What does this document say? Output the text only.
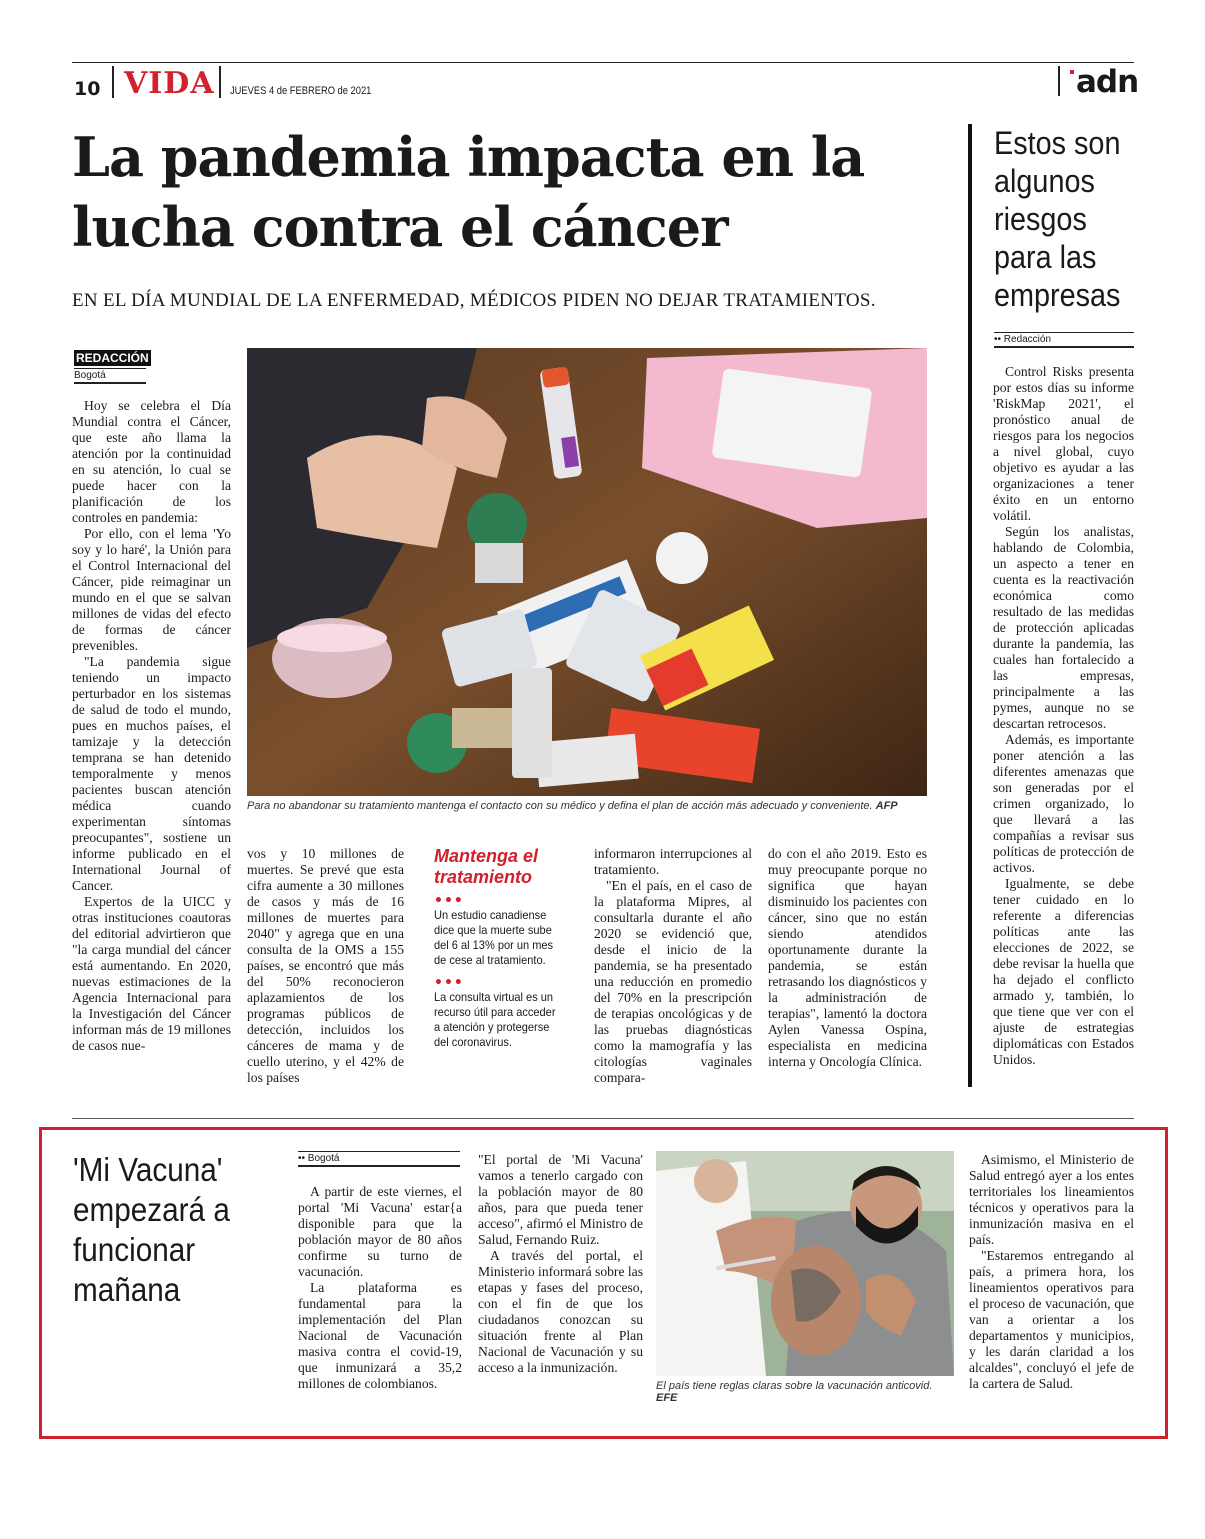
10 VIDA JUEVES 4 de FEBRERO de 2021	adn
La pandemia impacta en la lucha contra el cáncer
EN EL DÍA MUNDIAL DE LA ENFERMEDAD, MÉDICOS PIDEN NO DEJAR TRATAMIENTOS.
REDACCIÓN
Bogotá

Hoy se celebra el Día Mundial contra el Cáncer, que este año llama la atención por la continuidad en su atención, lo cual se puede hacer con la planificación de los controles en pandemia:

Por ello, con el lema 'Yo soy y lo haré', la Unión para el Control Internacional del Cáncer, pide reimaginar un mundo en el que se salvan millones de vidas del efecto de formas de cáncer prevenibles.

"La pandemia sigue teniendo un impacto perturbador en los sistemas de salud de todo el mundo, pues en muchos países, el tamizaje y la detección temprana se han detenido temporalmente y menos pacientes buscan atención médica cuando experimentan síntomas preocupantes", sostiene un informe publicado en el International Journal of Cancer.

Expertos de la UICC y otras instituciones coautoras del editorial advirtieron que "la carga mundial del cáncer está aumentando. En 2020, nuevas estimaciones de la Agencia Internacional para la Investigación del Cáncer informan más de 19 millones de casos nue-

Para no abandonar su tratamiento mantenga el contacto con su médico y defina el plan de acción más adecuado y conveniente. AFP

vos y 10 millones de muertes. Se prevé que esta cifra aumente a 30 millones de casos y más de 16 millones de muertes para 2040" y agrega que en una consulta de la OMS a 155 países, se encontró que más del 50% reconocieron aplazamientos de los programas públicos de detección, incluidos los cánceres de mama y de cuello uterino, y el 42% de los países

Mantenga el tratamiento
•••
Un estudio canadiense dice que la muerte sube del 6 al 13% por un mes de cese al tratamiento.
•••
La consulta virtual es un recurso útil para acceder a atención y protegerse del coronavirus.

informaron interrupciones al tratamiento.

"En el país, en el caso de la plataforma Mipres, al consultarla durante el año 2020 se evidenció que, desde el inicio de la pandemia, se ha presentado una reducción en promedio del 70% en la prescripción de terapias oncológicas y de las pruebas diagnósticas como la mamografía y las citologías vaginales compara-

do con el año 2019. Esto es muy preocupante porque no significa que hayan disminuido los pacientes con cáncer, sino que no están siendo atendidos oportunamente durante la pandemia, se están retrasando los diagnósticos y la administración de terapias", lamentó la doctora Aylen Vanessa Ospina, especialista en medicina interna y Oncología Clínica.

Estos son algunos riesgos para las empresas
•• Redacción

Control Risks presenta por estos días su informe 'RiskMap 2021', el pronóstico anual de riesgos para los negocios a nivel global, cuyo objetivo es ayudar a las organizaciones a tener éxito en un entorno volátil.

Según los analistas, hablando de Colombia, un aspecto a tener en cuenta es la reactivación económica como resultado de las medidas de protección aplicadas durante la pandemia, las cuales han fortalecido a las empresas, principalmente a las pymes, aunque no se descartan retrocesos.

Además, es importante poner atención a las diferentes amenazas que son generadas por el crimen organizado, lo que llevará a las compañías a revisar sus políticas de protección de activos.

Igualmente, se debe tener cuidado en lo referente a diferencias políticas ante las elecciones de 2022, se debe revisar la huella que ha dejado el conflicto armado y, también, lo que tiene que ver con el ajuste de estrategias diplomáticas con Estados Unidos.

'Mi Vacuna' empezará a funcionar mañana
•• Bogotá

A partir de este viernes, el portal 'Mi Vacuna' estar{a disponible para que la población mayor de 80 años confirme su turno de vacunación.

La plataforma es fundamental para la implementación del Plan Nacional de Vacunación masiva contra el covid-19, que inmunizará a 35,2 millones de colombianos.

"El portal de 'Mi Vacuna' vamos a tenerlo cargado con la población mayor de 80 años, para que pueda tener acceso", afirmó el Ministro de Salud, Fernando Ruiz.

A través del portal, el Ministerio informará sobre las etapas y fases del proceso, con el fin de que los ciudadanos conozcan su situación frente al Plan Nacional de Vacunación y su acceso a la inmunización.

El país tiene reglas claras sobre la vacunación anticovid. EFE

Asimismo, el Ministerio de Salud entregó ayer a los entes territoriales los lineamientos técnicos y operativos para la inmunización masiva en el país.

"Estaremos entregando al país, a primera hora, los lineamientos operativos para el proceso de vacunación, que van a orientar a los departamentos y municipios, y les darán claridad a los alcaldes", concluyó el jefe de la cartera de Salud.
